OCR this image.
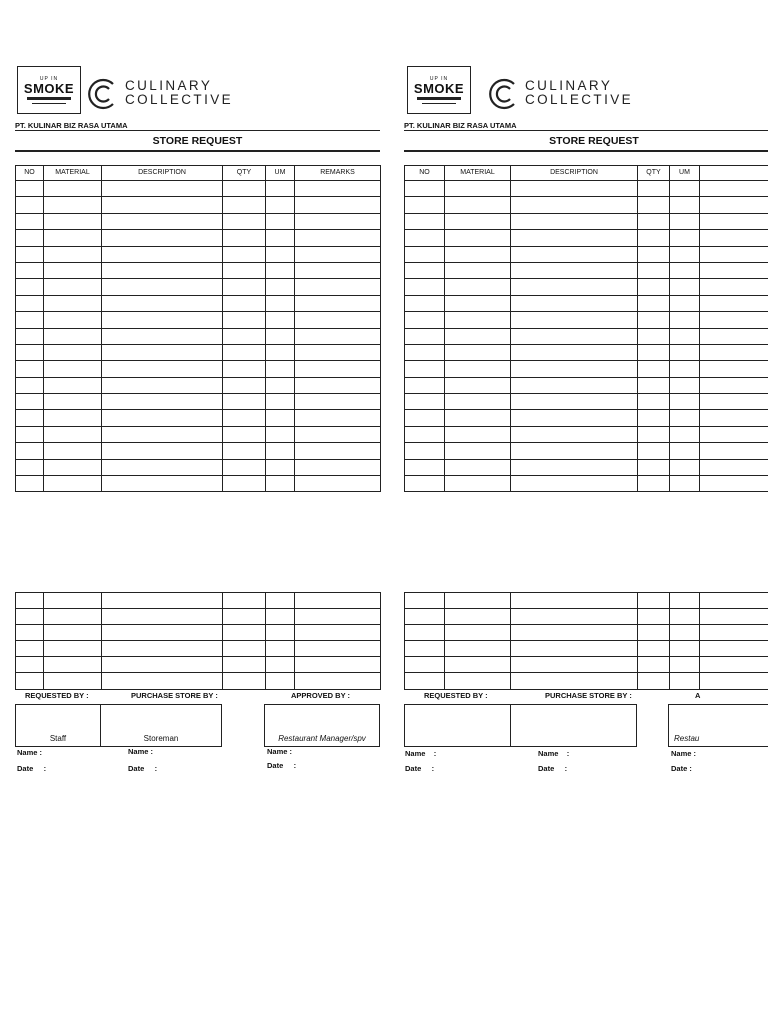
UP IN
SMOKE	CULINARY
COLLECTIVE
PT. KULINAR BIZ RASA UTAMA
STORE REQUEST
NO	MATERIAL	DESCRIPTION	QTY	UM	REMARKS

REQUESTED BY :	PURCHASE STORE BY :	APPROVED BY :
Staff	Storeman	Restaurant Manager/spv
Name :
Date     :
Name :
Date     :
Name :
Date     :
UP IN
SMOKE	CULINARY
COLLECTIVE
PT. KULINAR BIZ RASA UTAMA
STORE REQUEST
NO	MATERIAL	DESCRIPTION	QTY	UM	

REQUESTED BY :	PURCHASE STORE BY :	A
Restau
Name    :
Date     :
Name    :
Date     :
Name :
Date :
